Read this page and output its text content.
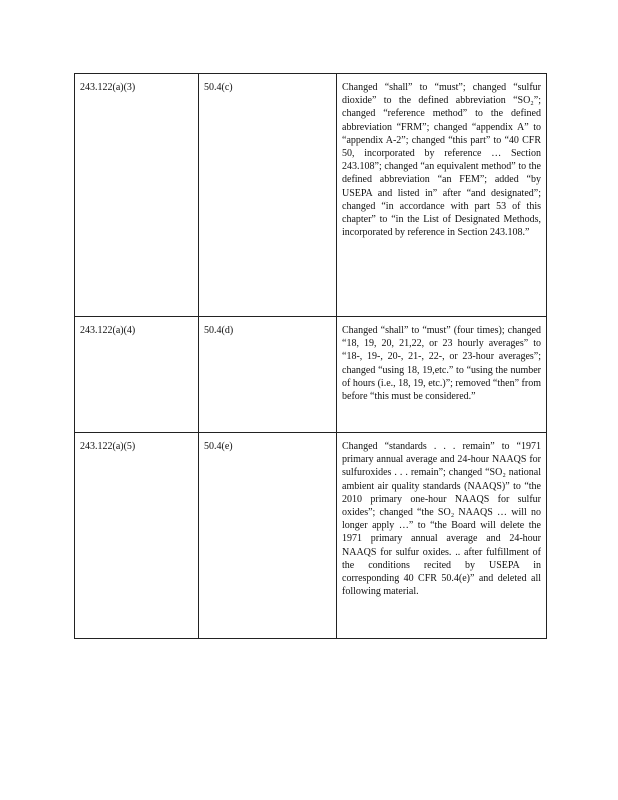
243.122(a)(3)	50.4(c)	Changed “shall” to “must”; changed “sulfur dioxide” to the defined abbreviation “SO₂”; changed “reference method” to the defined abbreviation “FRM”; changed “appendix A” to “appendix A-2”; changed “this part” to “40 CFR 50, incorporated by reference … Section 243.108”; changed “an equivalent method” to the defined abbreviation “an FEM”; added “by USEPA and listed in” after “and designated”; changed “in accordance with part 53 of this chapter” to “in the List of Designated Methods, incorporated by reference in Section 243.108.”
243.122(a)(4)	50.4(d)	Changed “shall” to “must” (four times); changed “18, 19, 20, 21,22, or 23 hourly averages” to “18-, 19-, 20-, 21-, 22-, or 23-hour averages”; changed “using 18, 19,etc.” to “using the number of hours (i.e., 18, 19, etc.)”; removed “then” from before “this must be considered.”
243.122(a)(5)	50.4(e)	Changed “standards . . . remain” to “1971 primary annual average and 24-hour NAAQS for sulfuroxides . . . remain”; changed “SO₂ national ambient air quality standards (NAAQS)” to “the 2010 primary one-hour NAAQS for sulfur oxides”; changed “the SO₂ NAAQS … will no longer apply …” to “the Board will delete the 1971 primary annual average and 24-hour NAAQS for sulfur oxides. .. after fulfillment of the conditions recited by USEPA in corresponding 40 CFR 50.4(e)” and deleted all following material.
